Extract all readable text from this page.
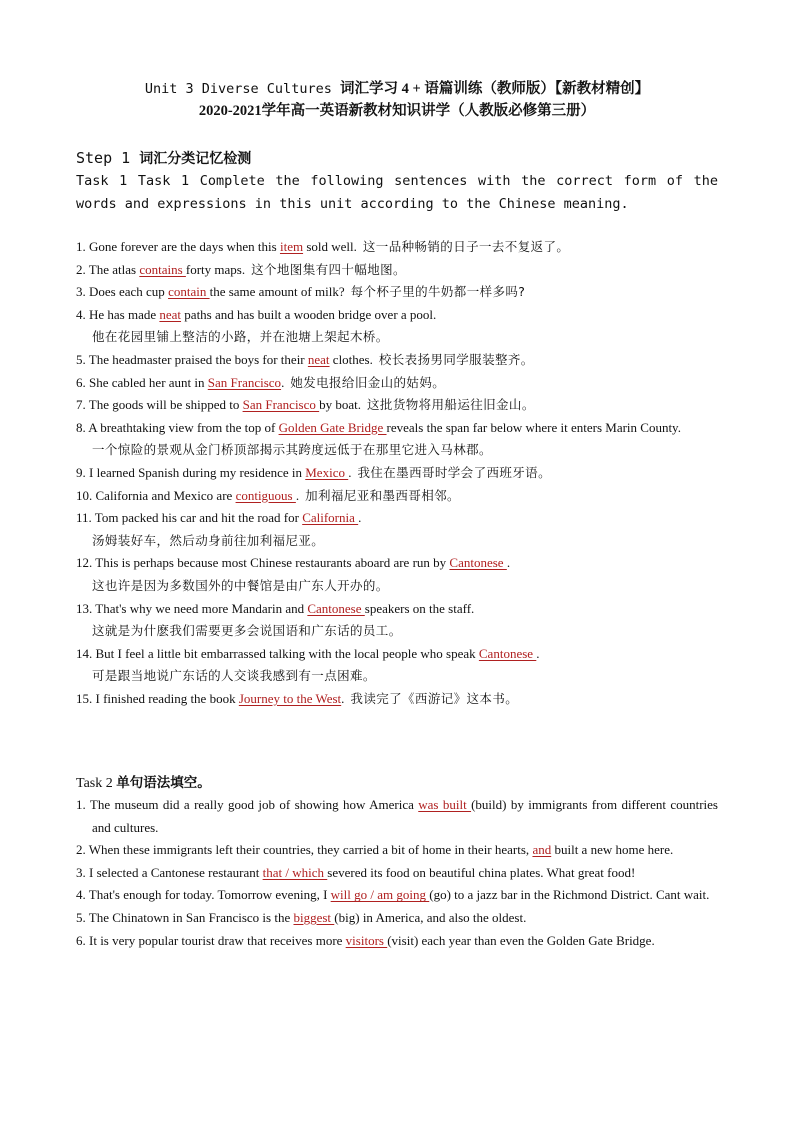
Unit 3 Diverse Cultures 词汇学习 4 + 语篇训练（教师版）【新教材精创】

2020-2021学年高一英语新教材知识讲学（人教版必修第三册）

Step 1 词汇分类记忆检测
Task 1 Task 1 Complete the following sentences with the correct form of the words and expressions in this unit according to the Chinese meaning.
1. Gone forever are the days when this item sold well. 这一品种畅销的日子一去不复返了。
2. The atlas contains forty maps. 这个地图集有四十幅地图。
3. Does each cup contain the same amount of milk? 每个杯子里的牛奶都一样多吗?
4. He has made neat paths and has built a wooden bridge over a pool.
他在花园里铺上整洁的小路，并在池塘上架起木桥。
5. The headmaster praised the boys for their neat clothes. 校长表扬男同学服装整齐。
6. She cabled her aunt in San Francisco. 她发电报给旧金山的姑妈。
7. The goods will be shipped to San Francisco by boat. 这批货物将用船运往旧金山。
8. A breathtaking view from the top of Golden Gate Bridge reveals the span far below where it enters Marin County.
一个惊险的景观从金门桥顶部揭示其跨度远低于在那里它进入马林郡。
9. I learned Spanish during my residence in Mexico . 我住在墨西哥时学会了西班牙语。
10. California and Mexico are contiguous . 加利福尼亚和墨西哥相邻。
11. Tom packed his car and hit the road for California .
汤姆装好车，然后动身前往加利福尼亚。
12. This is perhaps because most Chinese restaurants aboard are run by Cantonese .
这也许是因为多数国外的中餐馆是由广东人开办的。
13. That's why we need more Mandarin and Cantonese speakers on the staff.
这就是为什麽我们需要更多会说国语和广东话的员工。
14. But I feel a little bit embarrassed talking with the local people who speak Cantonese .
可是跟当地说广东话的人交谈我感到有一点困难。
15. I finished reading the book Journey to the West. 我读完了《西游记》这本书。
Task 2 单句语法填空。
1. The museum did a really good job of showing how America was built (build) by immigrants from different countries and cultures.
2. When these immigrants left their countries, they carried a bit of home in their hearts, and built a new home here.
3. I selected a Cantonese restaurant that / which severed its food on beautiful china plates. What great food!
4. That's enough for today. Tomorrow evening, I will go / am going (go) to a jazz bar in the Richmond District. Cant wait.
5. The Chinatown in San Francisco is the biggest (big) in America, and also the oldest.
6. It is very popular tourist draw that receives more visitors (visit) each year than even the Golden Gate Bridge.
